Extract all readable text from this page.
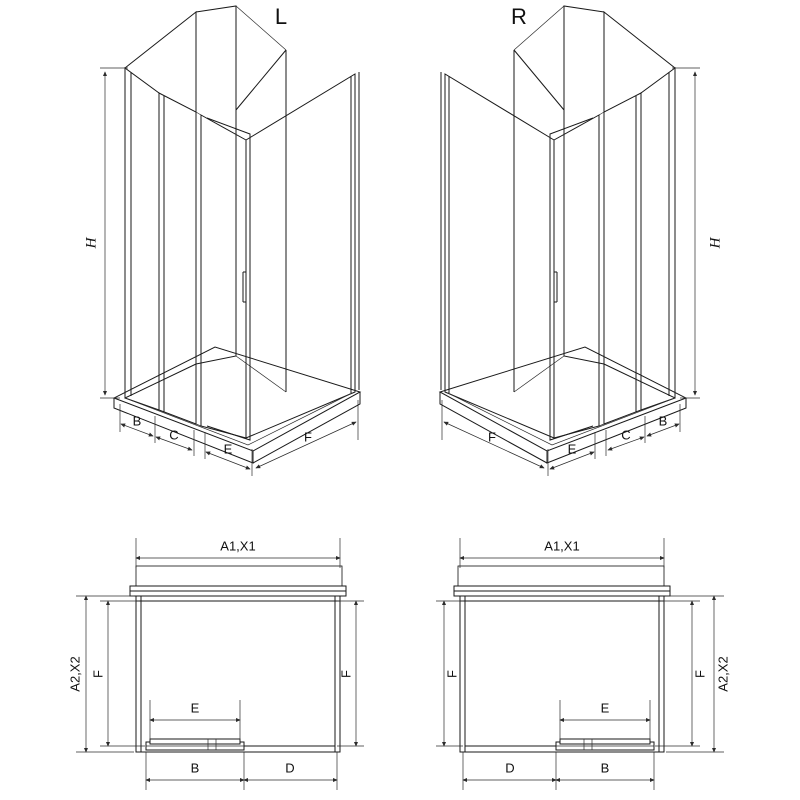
H
B
C
E
F
L
H
B
C
E
F
R
A1,X1
A2,X2 F	F
E
B	D
A1,X1
A2,X2
F
F
E
B
D
